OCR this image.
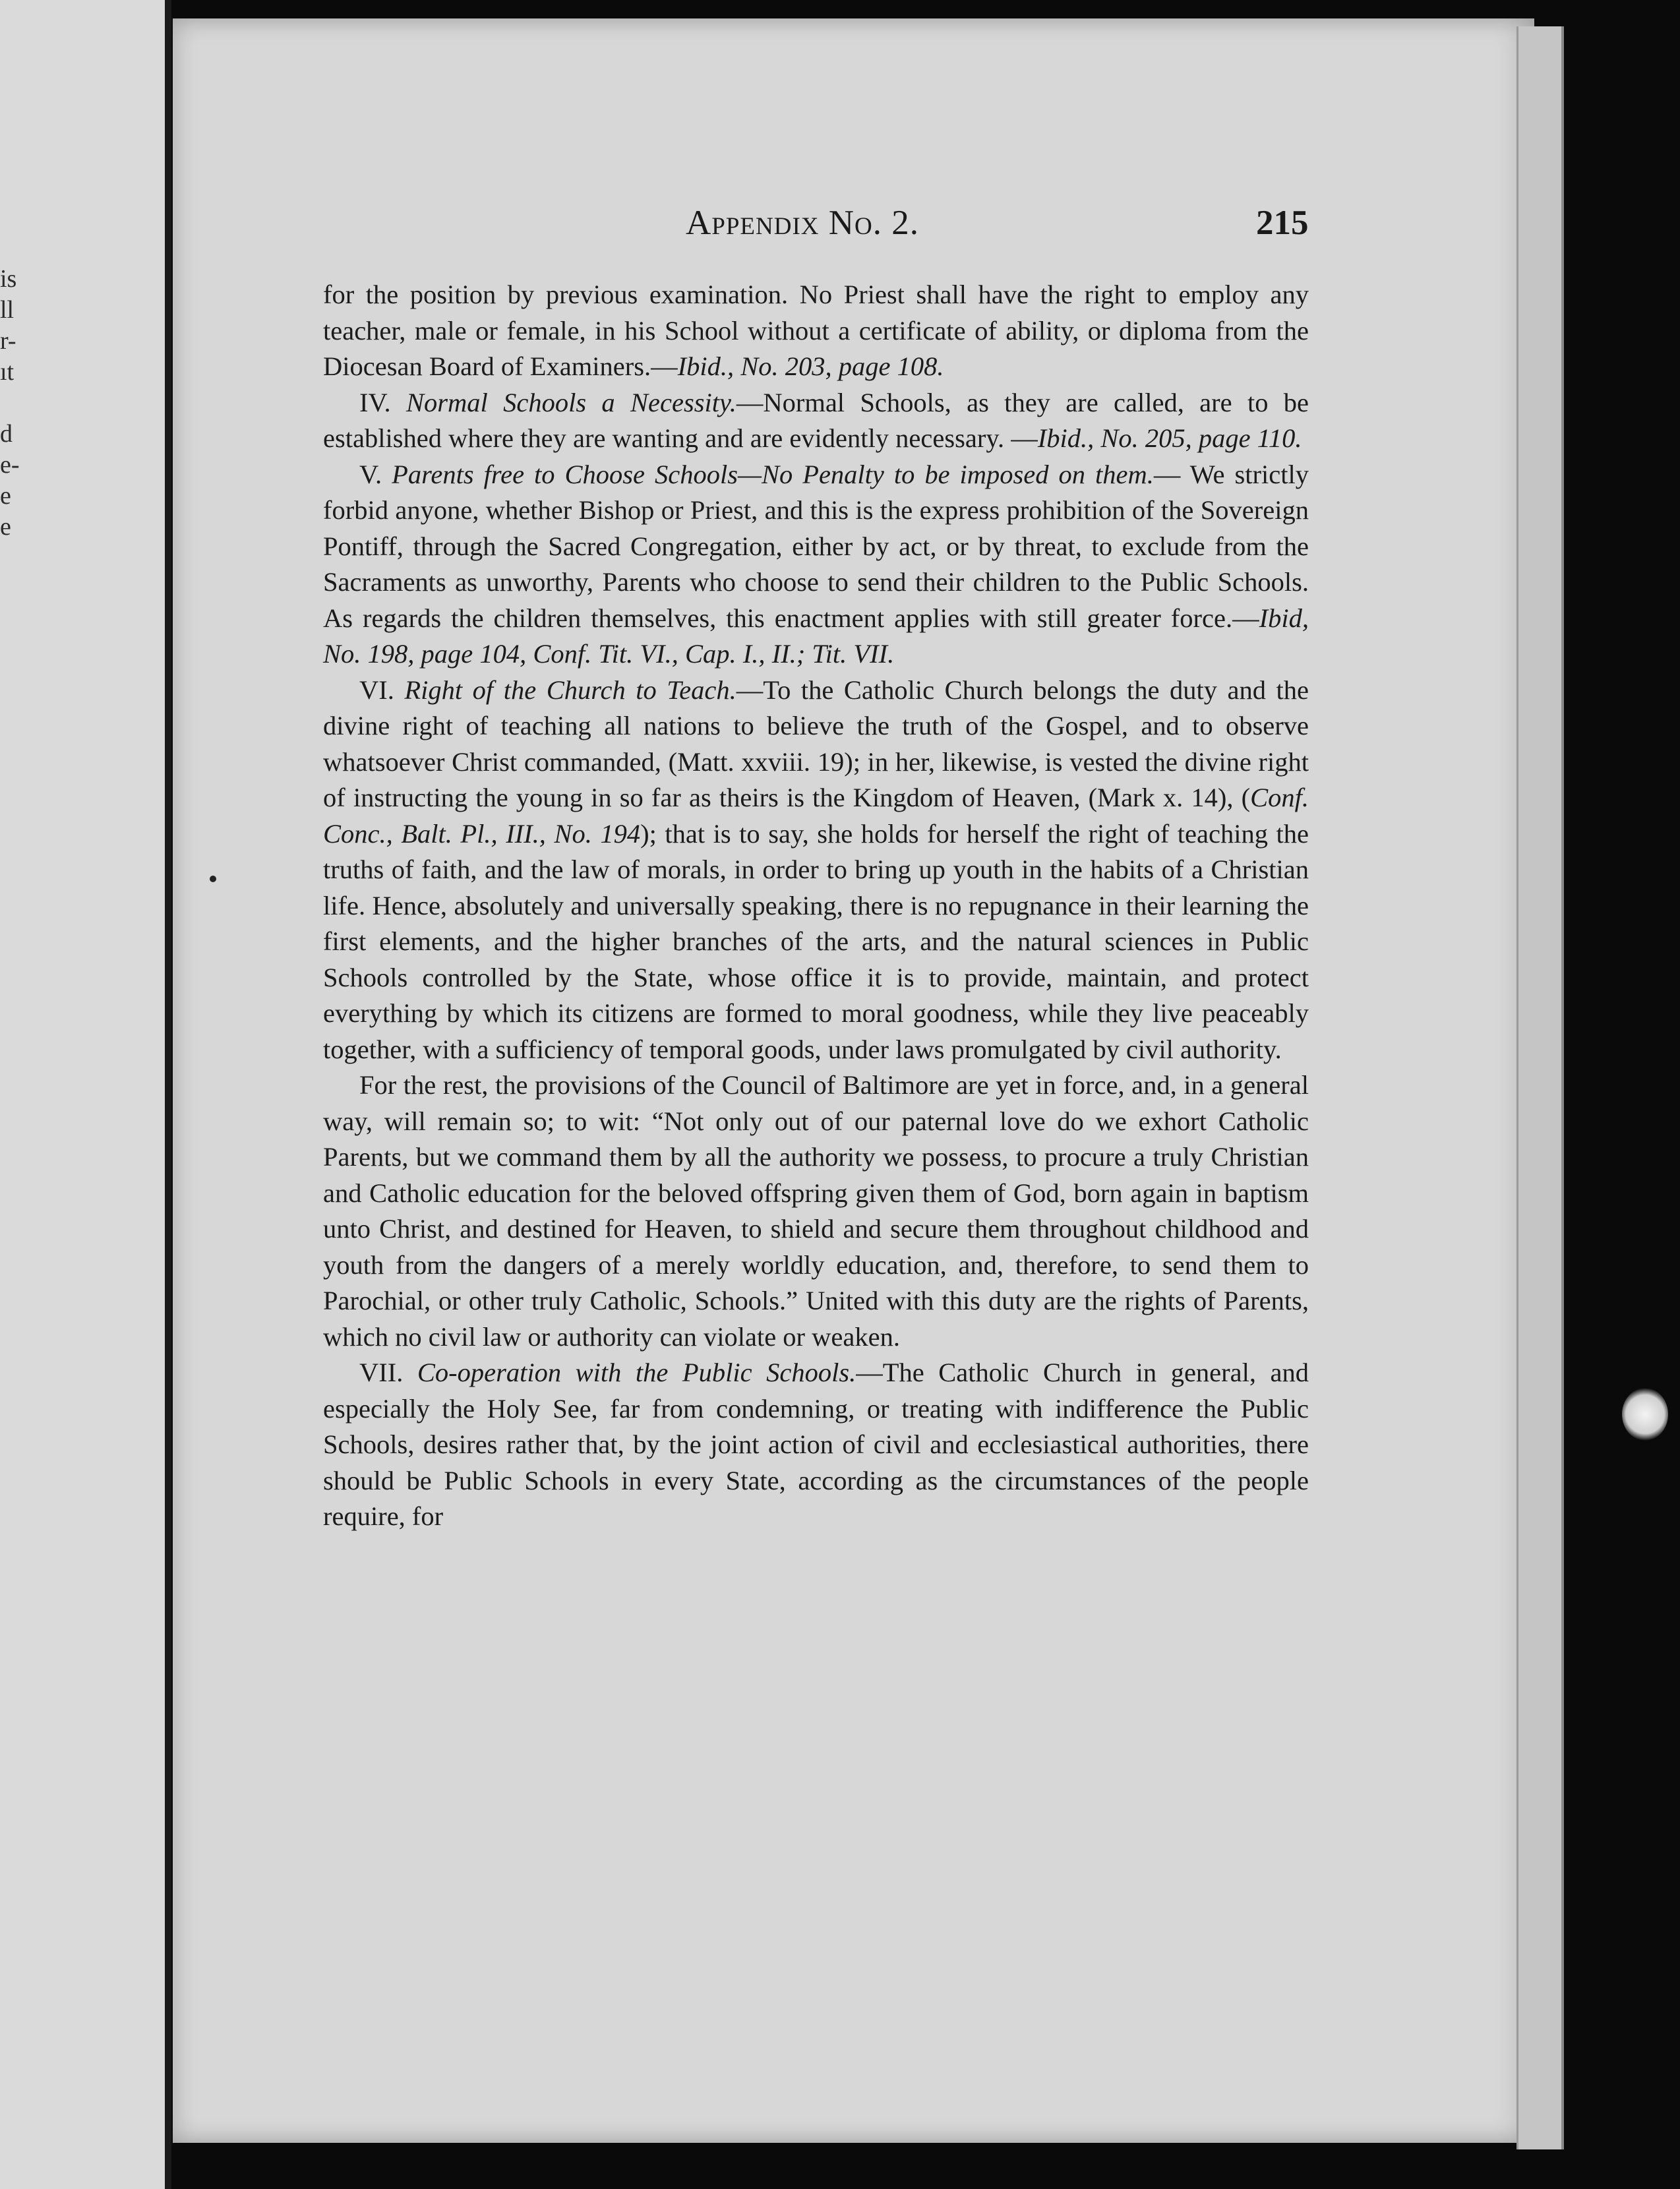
is
ll
r-
ıt

d
e-
e
e
Appendix No. 2.	215

for the position by previous examination. No Priest shall have the right to employ any teacher, male or female, in his School without a certificate of ability, or diploma from the Diocesan Board of Examiners.—Ibid., No. 203, page 108.

IV. Normal Schools a Necessity.—Normal Schools, as they are called, are to be established where they are wanting and are evidently necessary. —Ibid., No. 205, page 110.

V. Parents free to Choose Schools—No Penalty to be imposed on them.— We strictly forbid anyone, whether Bishop or Priest, and this is the express prohibition of the Sovereign Pontiff, through the Sacred Congregation, either by act, or by threat, to exclude from the Sacraments as unworthy, Parents who choose to send their children to the Public Schools. As regards the children themselves, this enactment applies with still greater force.—Ibid, No. 198, page 104, Conf. Tit. VI., Cap. I., II.; Tit. VII.

VI. Right of the Church to Teach.—To the Catholic Church belongs the duty and the divine right of teaching all nations to believe the truth of the Gospel, and to observe whatsoever Christ commanded, (Matt. xxviii. 19); in her, likewise, is vested the divine right of instructing the young in so far as theirs is the Kingdom of Heaven, (Mark x. 14), (Conf. Conc., Balt. Pl., III., No. 194); that is to say, she holds for herself the right of teaching the truths of faith, and the law of morals, in order to bring up youth in the habits of a Christian life. Hence, absolutely and universally speaking, there is no repugnance in their learning the first elements, and the higher branches of the arts, and the natural sciences in Public Schools controlled by the State, whose office it is to provide, maintain, and protect everything by which its citizens are formed to moral goodness, while they live peaceably together, with a sufficiency of temporal goods, under laws promulgated by civil authority.

For the rest, the provisions of the Council of Baltimore are yet in force, and, in a general way, will remain so; to wit: “Not only out of our paternal love do we exhort Catholic Parents, but we command them by all the authority we possess, to procure a truly Christian and Catholic education for the beloved offspring given them of God, born again in baptism unto Christ, and destined for Heaven, to shield and secure them throughout childhood and youth from the dangers of a merely worldly education, and, therefore, to send them to Parochial, or other truly Catholic, Schools.” United with this duty are the rights of Parents, which no civil law or authority can violate or weaken.

VII. Co-operation with the Public Schools.—The Catholic Church in general, and especially the Holy See, far from condemning, or treating with indifference the Public Schools, desires rather that, by the joint action of civil and ecclesiastical authorities, there should be Public Schools in every State, according as the circumstances of the people require, for
